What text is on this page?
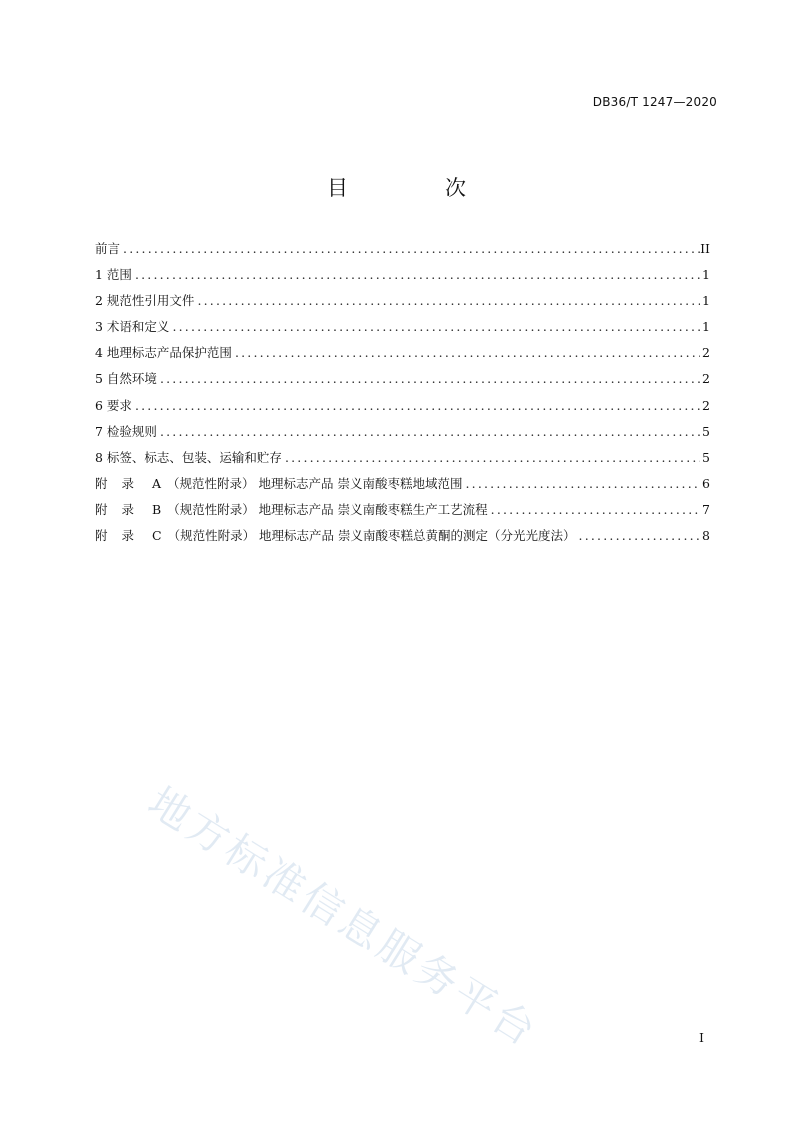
DB36/T 1247—2020
目　次
前言 .....	II
1 范围 .....	1
2 规范性引用文件 .....	1
3 术语和定义 .....	1
4 地理标志产品保护范围 .....	2
5 自然环境 .....	2
6 要求 .....	2
7 检验规则 .....	5
8 标签、标志、包装、运输和贮存 .....	5
附录 A （规范性附录） 地理标志产品 崇义南酸枣糕地域范围 .....	6
附录 B （规范性附录） 地理标志产品 崇义南酸枣糕生产工艺流程 .....	7
附录 C （规范性附录） 地理标志产品 崇义南酸枣糕总黄酮的测定（分光光度法） .....	8
地方标准信息服务平台	I
